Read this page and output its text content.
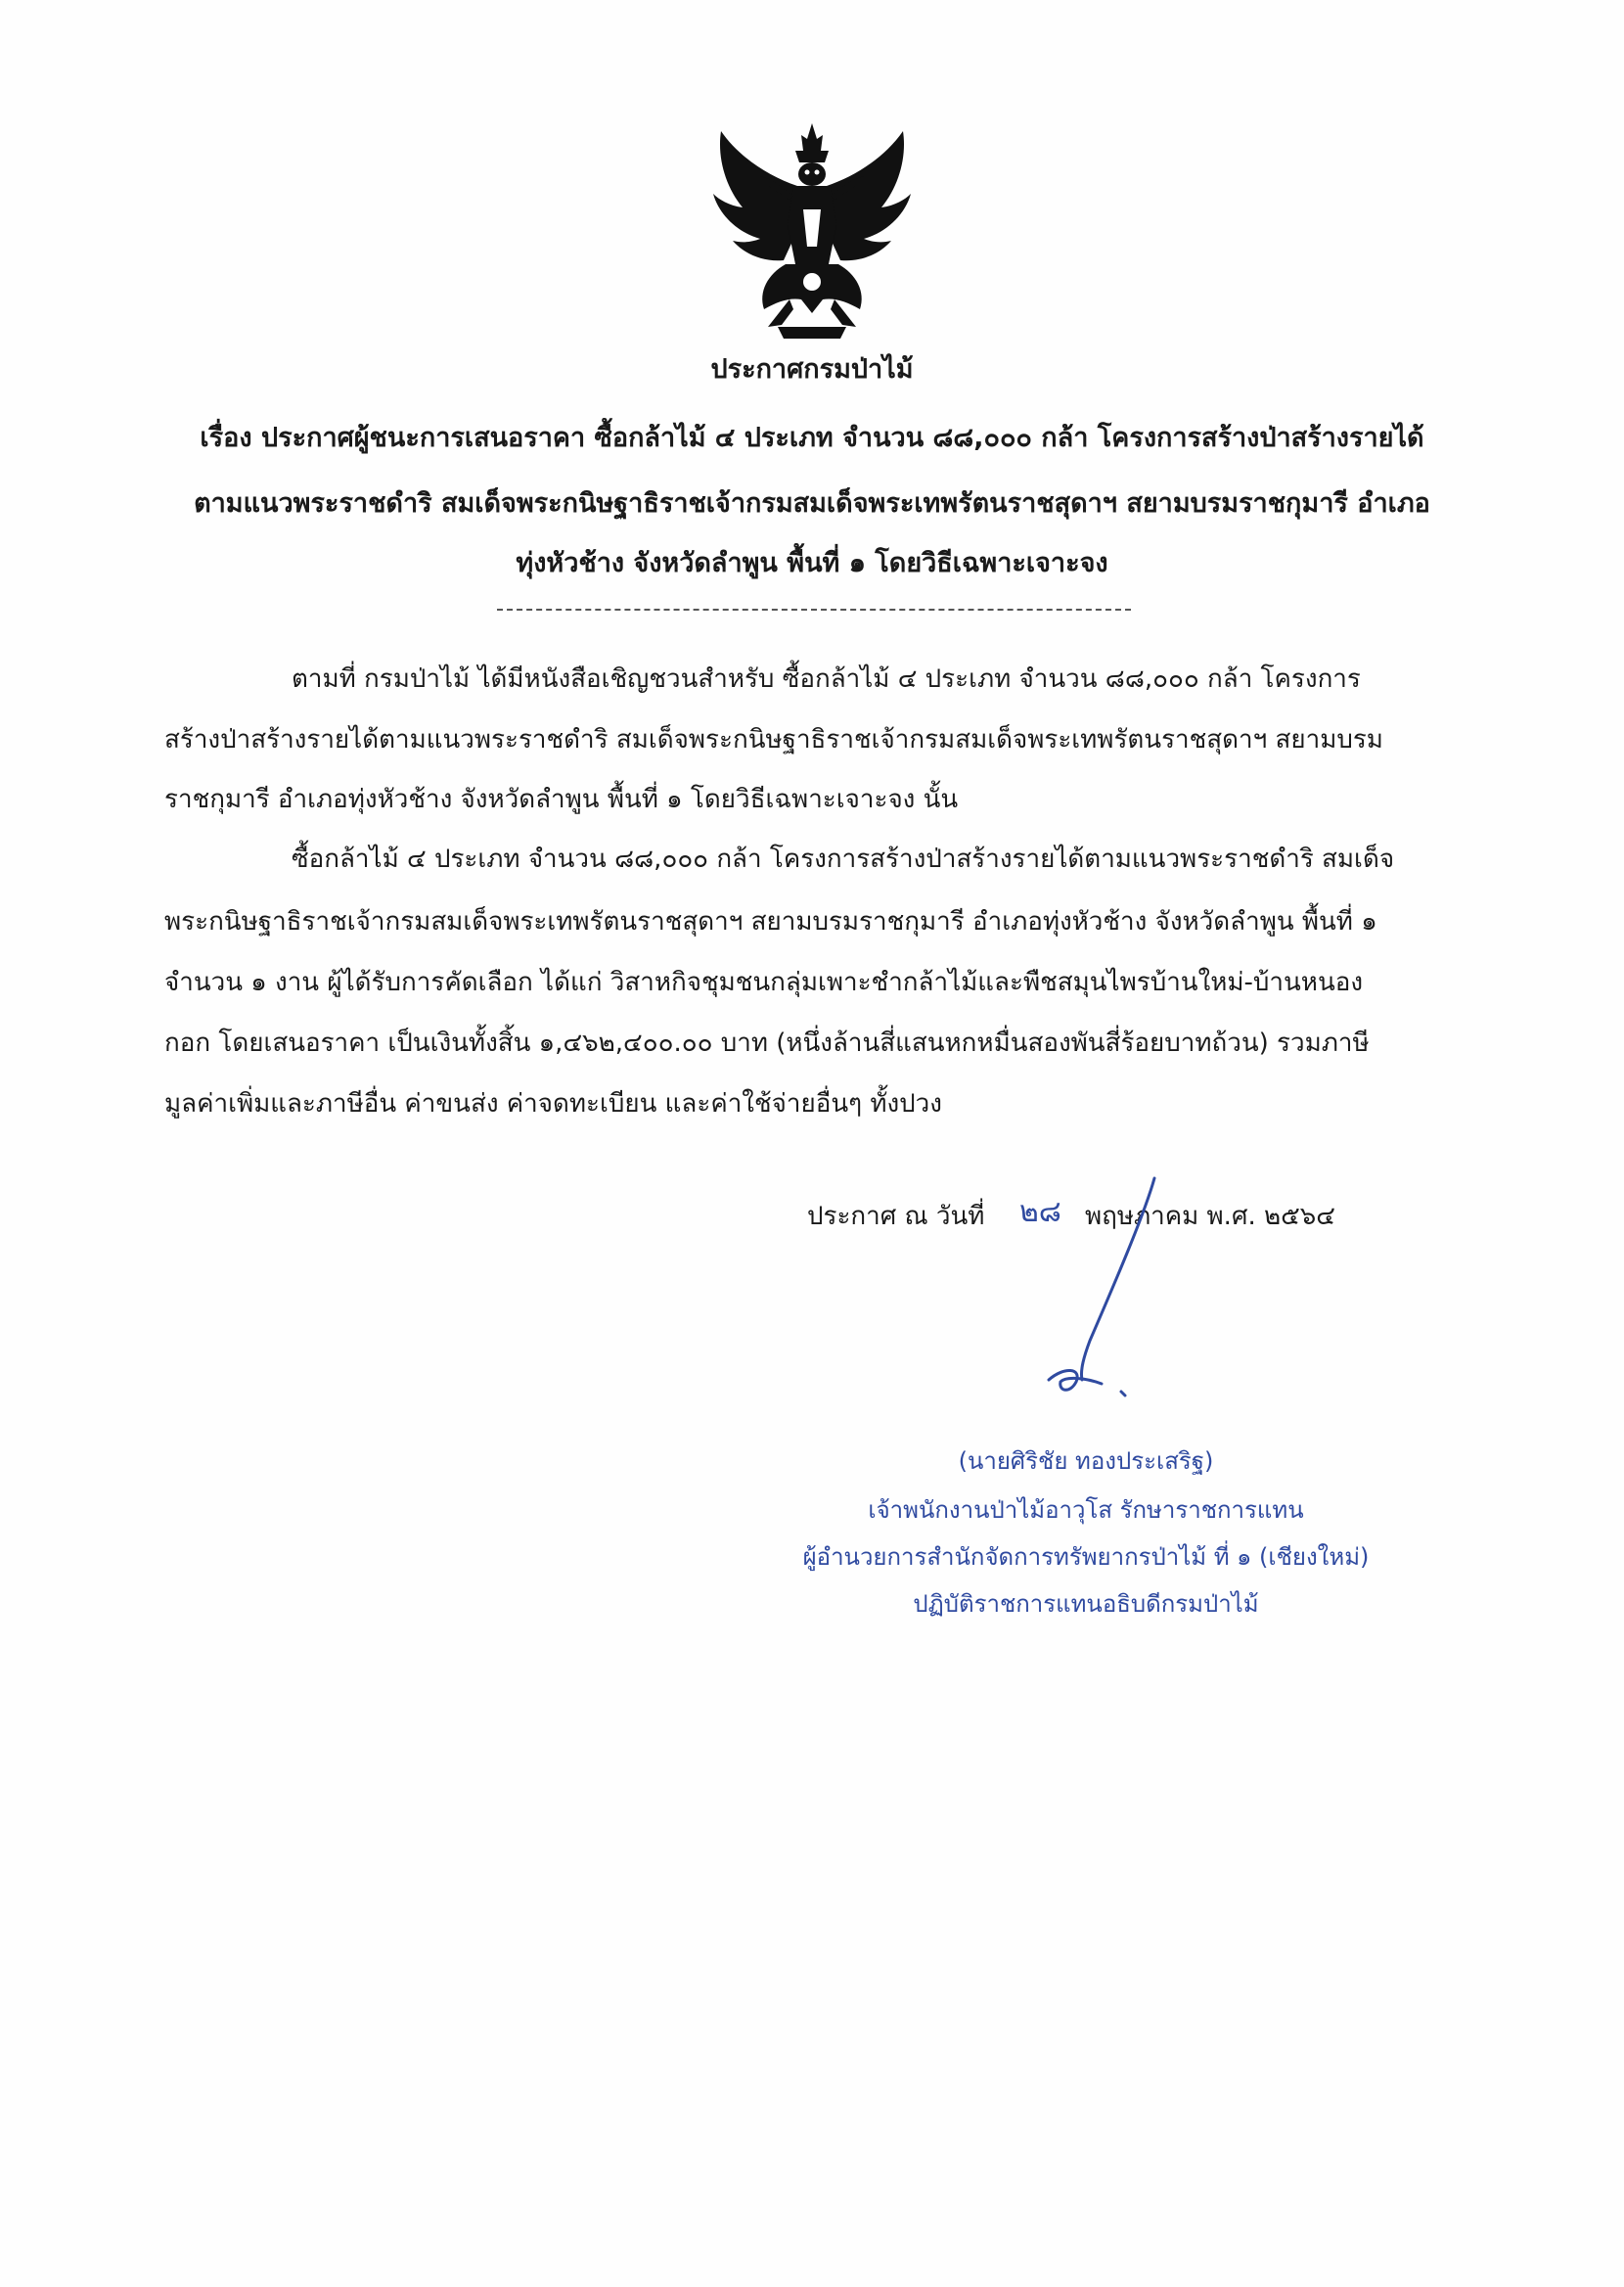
ประกาศกรมป่าไม้
เรื่อง ประกาศผู้ชนะการเสนอราคา ซื้อกล้าไม้ ๔ ประเภท จำนวน ๘๘,๐๐๐ กล้า โครงการสร้างป่าสร้างรายได้
ตามแนวพระราชดำริ สมเด็จพระกนิษฐาธิราชเจ้ากรมสมเด็จพระเทพรัตนราชสุดาฯ สยามบรมราชกุมารี อำเภอ
ทุ่งหัวช้าง จังหวัดลำพูน พื้นที่ ๑ โดยวิธีเฉพาะเจาะจง
ตามที่ กรมป่าไม้ ได้มีหนังสือเชิญชวนสำหรับ ซื้อกล้าไม้ ๔ ประเภท จำนวน ๘๘,๐๐๐ กล้า โครงการ
สร้างป่าสร้างรายได้ตามแนวพระราชดำริ สมเด็จพระกนิษฐาธิราชเจ้ากรมสมเด็จพระเทพรัตนราชสุดาฯ สยามบรม
ราชกุมารี อำเภอทุ่งหัวช้าง จังหวัดลำพูน พื้นที่ ๑ โดยวิธีเฉพาะเจาะจง นั้น
ซื้อกล้าไม้ ๔ ประเภท จำนวน ๘๘,๐๐๐ กล้า โครงการสร้างป่าสร้างรายได้ตามแนวพระราชดำริ สมเด็จ
พระกนิษฐาธิราชเจ้ากรมสมเด็จพระเทพรัตนราชสุดาฯ สยามบรมราชกุมารี อำเภอทุ่งหัวช้าง จังหวัดลำพูน พื้นที่ ๑
จำนวน ๑ งาน ผู้ได้รับการคัดเลือก ได้แก่ วิสาหกิจชุมชนกลุ่มเพาะชำกล้าไม้และพืชสมุนไพรบ้านใหม่-บ้านหนอง
กอก โดยเสนอราคา เป็นเงินทั้งสิ้น ๑,๔๖๒,๔๐๐.๐๐ บาท (หนึ่งล้านสี่แสนหกหมื่นสองพันสี่ร้อยบาทถ้วน) รวมภาษี
มูลค่าเพิ่มและภาษีอื่น ค่าขนส่ง ค่าจดทะเบียน และค่าใช้จ่ายอื่นๆ ทั้งปวง
ประกาศ ณ วันที่	พฤษภาคม พ.ศ. ๒๕๖๔
๒๘
(นายศิริชัย ทองประเสริฐ)
เจ้าพนักงานป่าไม้อาวุโส รักษาราชการแทน
ผู้อำนวยการสำนักจัดการทรัพยากรป่าไม้ ที่ ๑ (เชียงใหม่)
ปฏิบัติราชการแทนอธิบดีกรมป่าไม้
